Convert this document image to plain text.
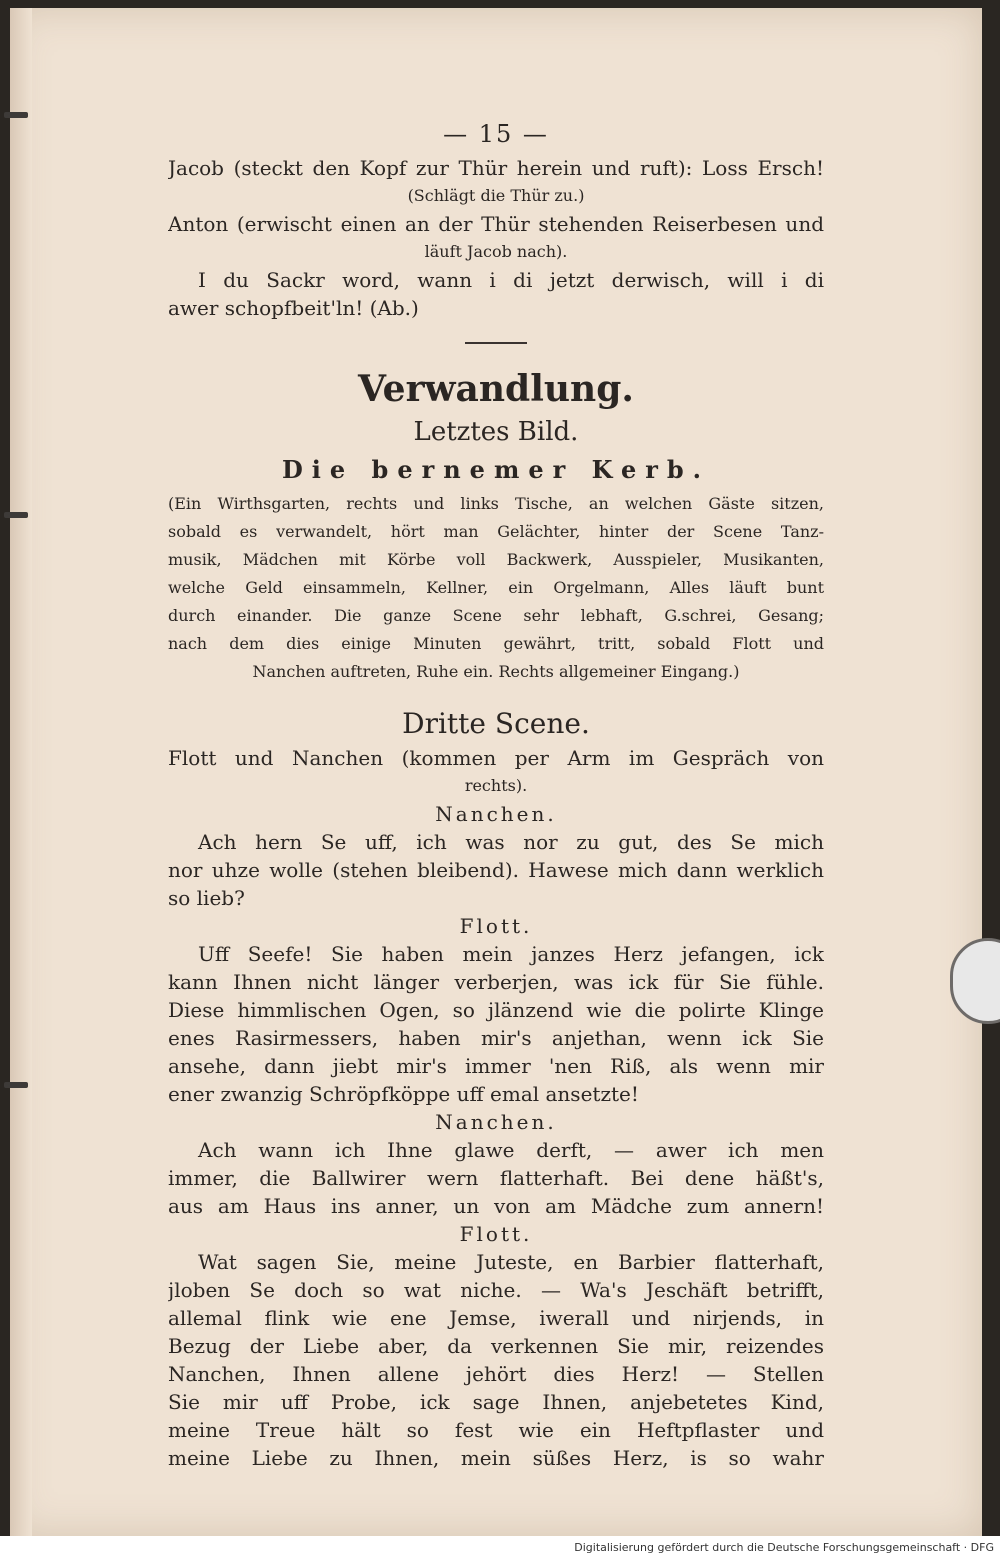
— 15 —
Jacob (steckt den Kopf zur Thür herein und ruft): Loss Ersch!
(Schlägt die Thür zu.)
Anton (erwischt einen an der Thür stehenden Reiserbesen und
läuft Jacob nach).
I du Sackr word, wann i di jetzt derwisch, will i di
awer schopfbeit'ln! (Ab.)
Verwandlung.
Letztes Bild.
Die bernemer Kerb.
(Ein Wirthsgarten, rechts und links Tische, an welchen Gäste sitzen,
sobald es verwandelt, hört man Gelächter, hinter der Scene Tanz-
musik, Mädchen mit Körbe voll Backwerk, Ausspieler, Musikanten,
welche Geld einsammeln, Kellner, ein Orgelmann, Alles läuft bunt
durch einander. Die ganze Scene sehr lebhaft, G.schrei, Gesang;
nach dem dies einige Minuten gewährt, tritt, sobald Flott und
Nanchen auftreten, Ruhe ein. Rechts allgemeiner Eingang.)
Dritte Scene.
Flott und Nanchen (kommen per Arm im Gespräch von
rechts).
Nanchen.
Ach hern Se uff, ich was nor zu gut, des Se mich
nor uhze wolle (stehen bleibend). Hawese mich dann werklich
so lieb?
Flott.
Uff Seefe! Sie haben mein janzes Herz jefangen, ick
kann Ihnen nicht länger verberjen, was ick für Sie fühle.
Diese himmlischen Ogen, so jlänzend wie die polirte Klinge
enes Rasirmessers, haben mir's anjethan, wenn ick Sie
ansehe, dann jiebt mir's immer 'nen Riß, als wenn mir
ener zwanzig Schröpfköppe uff emal ansetzte!
Nanchen.
Ach wann ich Ihne glawe derft, — awer ich men
immer, die Ballwirer wern flatterhaft. Bei dene häßt's,
aus am Haus ins anner, un von am Mädche zum annern!
Flott.
Wat sagen Sie, meine Juteste, en Barbier flatterhaft,
jloben Se doch so wat niche. — Wa's Jeschäft betrifft,
allemal flink wie ene Jemse, iwerall und nirjends, in
Bezug der Liebe aber, da verkennen Sie mir, reizendes
Nanchen, Ihnen allene jehört dies Herz! — Stellen
Sie mir uff Probe, ick sage Ihnen, anjebetetes Kind,
meine Treue hält so fest wie ein Heftpflaster und
meine Liebe zu Ihnen, mein süßes Herz, is so wahr
Digitalisierung gefördert durch die Deutsche Forschungsgemeinschaft · DFG
